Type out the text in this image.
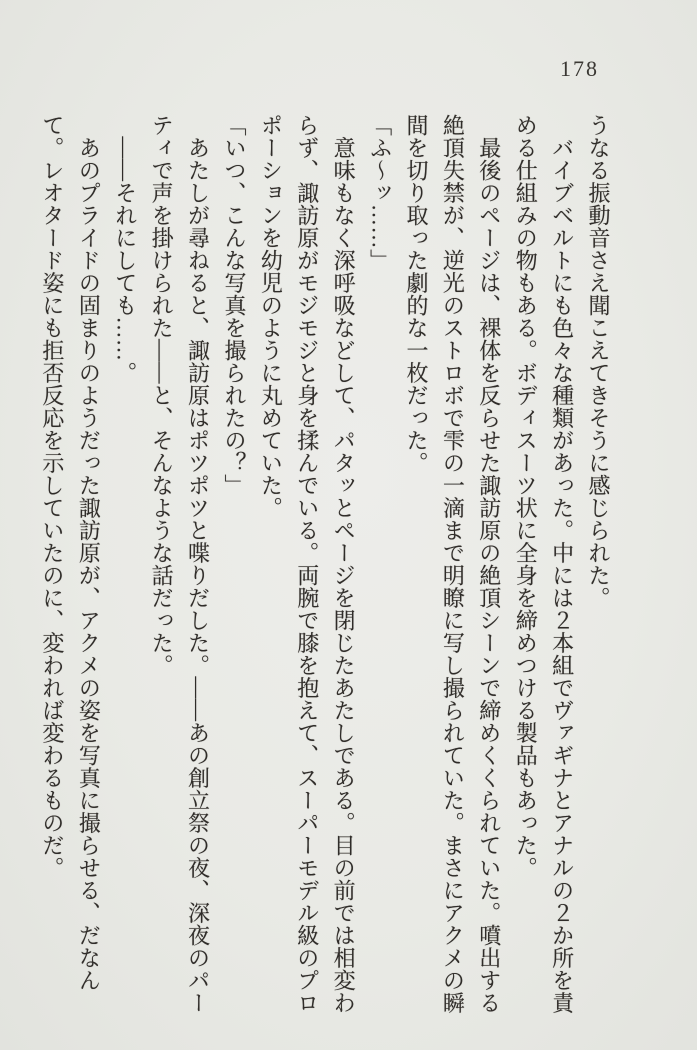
178

うなる振動音さえ聞こえてきそうに感じられた。

　バイブベルトにも色々な種類があった。中には２本組でヴァギナとアナルの２か所を責める仕組みの物もある。ボディスーツ状に全身を締めつける製品もあった。

　最後のページは、裸体を反らせた諏訪原の絶頂シーンで締めくくられていた。噴出する絶頂失禁が、逆光のストロボで雫の一滴まで明瞭に写し撮られていた。まさにアクメの瞬間を切り取った劇的な一枚だった。

「ふ〜ッ……」

　意味もなく深呼吸などして、パタッとページを閉じたあたしである。目の前では相変わらず、諏訪原がモジモジと身を揉んでいる。両腕で膝を抱えて、スーパーモデル級のプロポーションを幼児のように丸めていた。

「いつ、こんな写真を撮られたの？」

　あたしが尋ねると、諏訪原はポツポツと喋りだした。――あの創立祭の夜、深夜のパーティで声を掛けられた――と、そんなような話だった。

　――それにしても……。

　あのプライドの固まりのようだった諏訪原が、アクメの姿を写真に撮らせる、だなんて。レオタード姿にも拒否反応を示していたのに、変われば変わるものだ。
